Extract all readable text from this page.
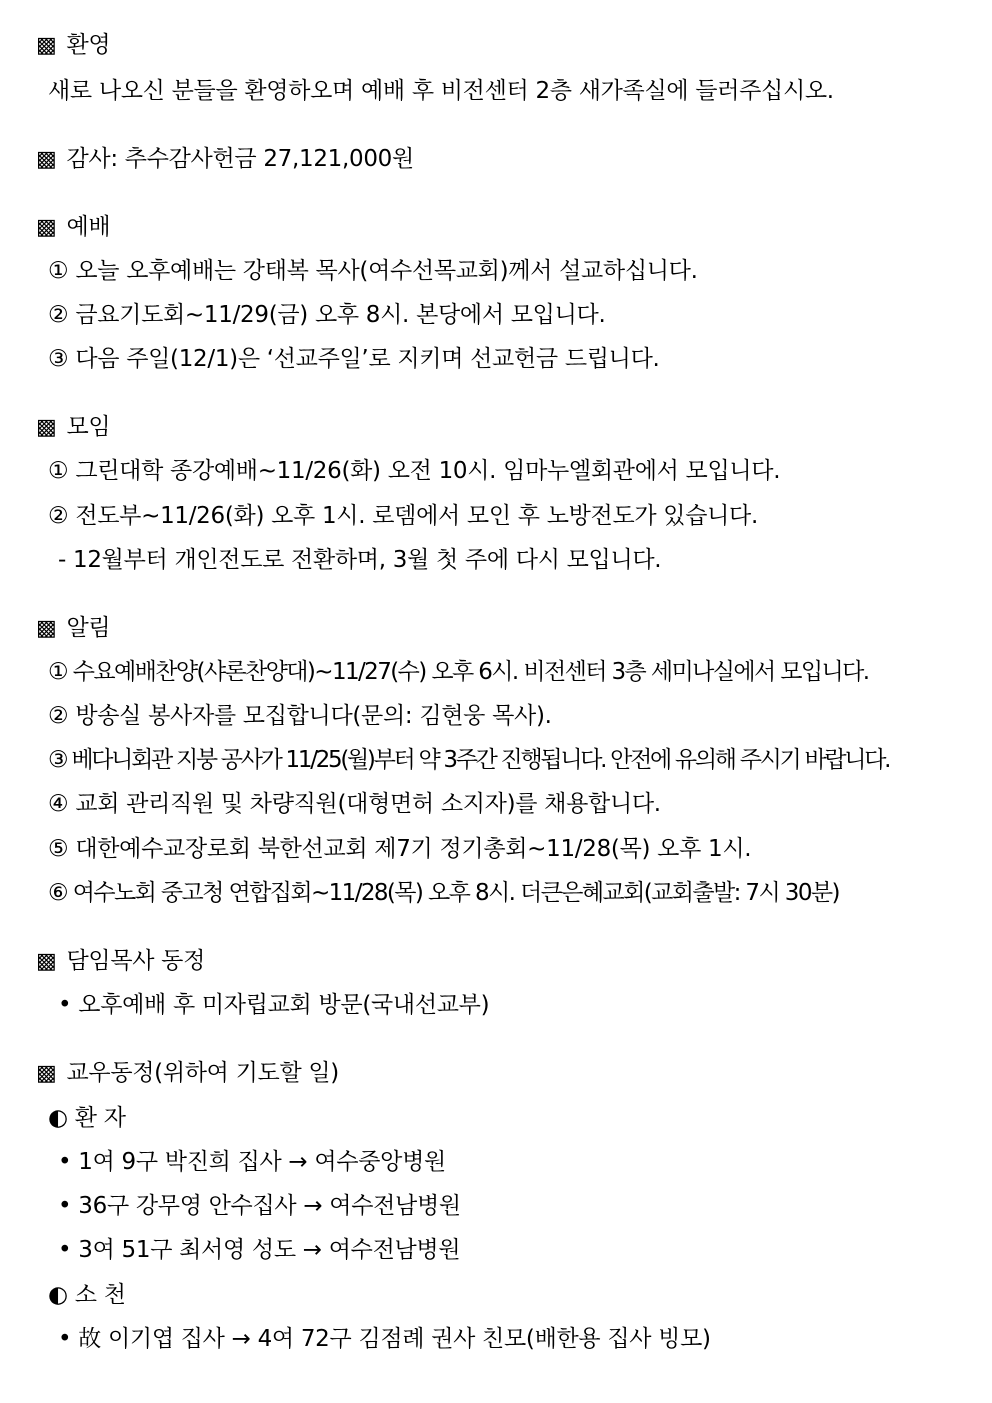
▩ 환영
새로 나오신 분들을 환영하오며 예배 후 비전센터 2층 새가족실에 들러주십시오.
▩ 감사: 추수감사헌금 27,121,000원
▩ 예배
① 오늘 오후예배는 강태복 목사(여수선목교회)께서 설교하십니다.
② 금요기도회~11/29(금) 오후 8시. 본당에서 모입니다.
③ 다음 주일(12/1)은 ‘선교주일’로 지키며 선교헌금 드립니다.
▩ 모임
① 그린대학 종강예배~11/26(화) 오전 10시. 임마누엘회관에서 모입니다.
② 전도부~11/26(화) 오후 1시. 로뎀에서 모인 후 노방전도가 있습니다.
- 12월부터 개인전도로 전환하며, 3월 첫 주에 다시 모입니다.
▩ 알림
① 수요예배찬양(샤론찬양대)~11/27(수) 오후 6시. 비전센터 3층 세미나실에서 모입니다.
② 방송실 봉사자를 모집합니다(문의: 김현웅 목사).
③ 베다니회관 지붕 공사가 11/25(월)부터 약 3주간 진행됩니다. 안전에 유의해 주시기 바랍니다.
④ 교회 관리직원 및 차량직원(대형면허 소지자)를 채용합니다.
⑤ 대한예수교장로회 북한선교회 제7기 정기총회~11/28(목) 오후 1시.
⑥ 여수노회 중고청 연합집회~11/28(목) 오후 8시. 더큰은혜교회(교회출발: 7시 30분)
▩ 담임목사 동정
• 오후예배 후 미자립교회 방문(국내선교부)
▩ 교우동정(위하여 기도할 일)
◐ 환 자
• 1여 9구 박진희 집사 → 여수중앙병원
• 36구 강무영 안수집사 → 여수전남병원
• 3여 51구 최서영 성도 → 여수전남병원
◐ 소 천
• 故 이기엽 집사 → 4여 72구 김점례 권사 친모(배한용 집사 빙모)
